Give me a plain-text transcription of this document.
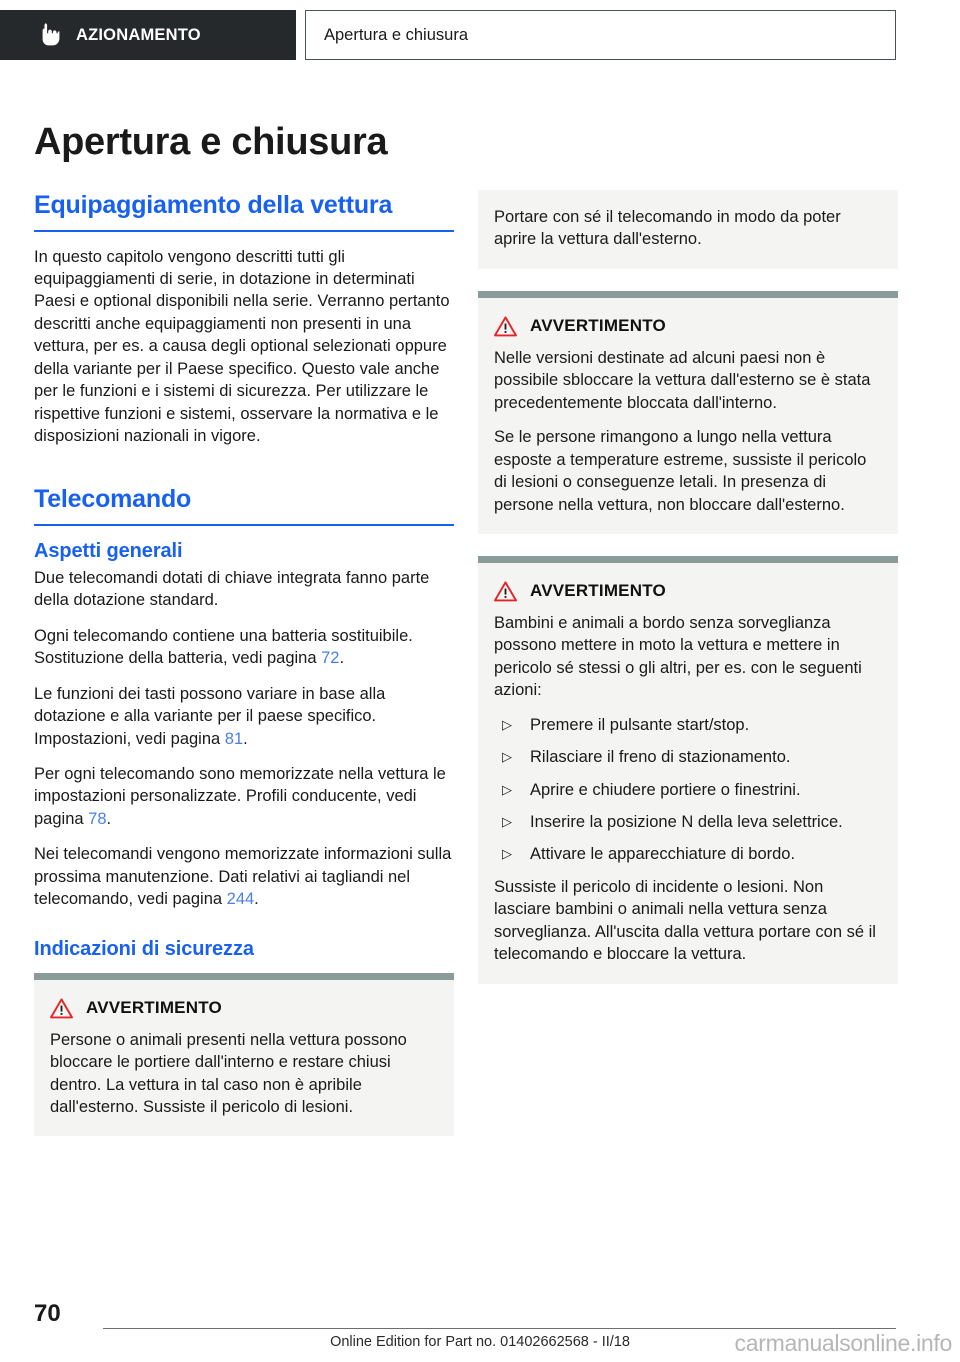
AZIONAMENTO	Apertura e chiusura
Apertura e chiusura
Equipaggiamento della vettura

In questo capitolo vengono descritti tutti gli equipaggiamenti di serie, in dotazione in determinati Paesi e optional disponibili nella serie. Verranno pertanto descritti anche equipaggiamenti non presenti in una vettura, per es. a causa degli optional selezionati oppure della variante per il Paese specifico. Questo vale anche per le funzioni e i sistemi di sicurezza. Per utilizzare le rispettive funzioni e sistemi, osservare la normativa e le disposizioni nazionali in vigore.

Telecomando
Aspetti generali

Due telecomandi dotati di chiave integrata fanno parte della dotazione standard.

Ogni telecomando contiene una batteria sostituibile. Sostituzione della batteria, vedi pagina 72.

Le funzioni dei tasti possono variare in base alla dotazione e alla variante per il paese specifico. Impostazioni, vedi pagina 81.

Per ogni telecomando sono memorizzate nella vettura le impostazioni personalizzate. Profili conducente, vedi pagina 78.

Nei telecomandi vengono memorizzate informazioni sulla prossima manutenzione. Dati relativi ai tagliandi nel telecomando, vedi pagina 244.

Indicazioni di sicurezza
AVVERTIMENTO

Persone o animali presenti nella vettura possono bloccare le portiere dall'interno e restare chiusi dentro. La vettura in tal caso non è apribile dall'esterno. Sussiste il pericolo di lesioni.

Portare con sé il telecomando in modo da poter aprire la vettura dall'esterno.

AVVERTIMENTO

Nelle versioni destinate ad alcuni paesi non è possibile sbloccare la vettura dall'esterno se è stata precedentemente bloccata dall'interno.

Se le persone rimangono a lungo nella vettura esposte a temperature estreme, sussiste il pericolo di lesioni o conseguenze letali. In presenza di persone nella vettura, non bloccare dall'esterno.

AVVERTIMENTO

Bambini e animali a bordo senza sorveglianza possono mettere in moto la vettura e mettere in pericolo sé stessi o gli altri, per es. con le seguenti azioni:

▷ Premere il pulsante start/stop.
▷ Rilasciare il freno di stazionamento.
▷ Aprire e chiudere portiere o finestrini.
▷ Inserire la posizione N della leva selettrice.
▷ Attivare le apparecchiature di bordo.

Sussiste il pericolo di incidente o lesioni. Non lasciare bambini o animali nella vettura senza sorveglianza. All'uscita dalla vettura portare con sé il telecomando e bloccare la vettura.

70
Online Edition for Part no. 01402662568 - II/18	carmanualsonline.info
